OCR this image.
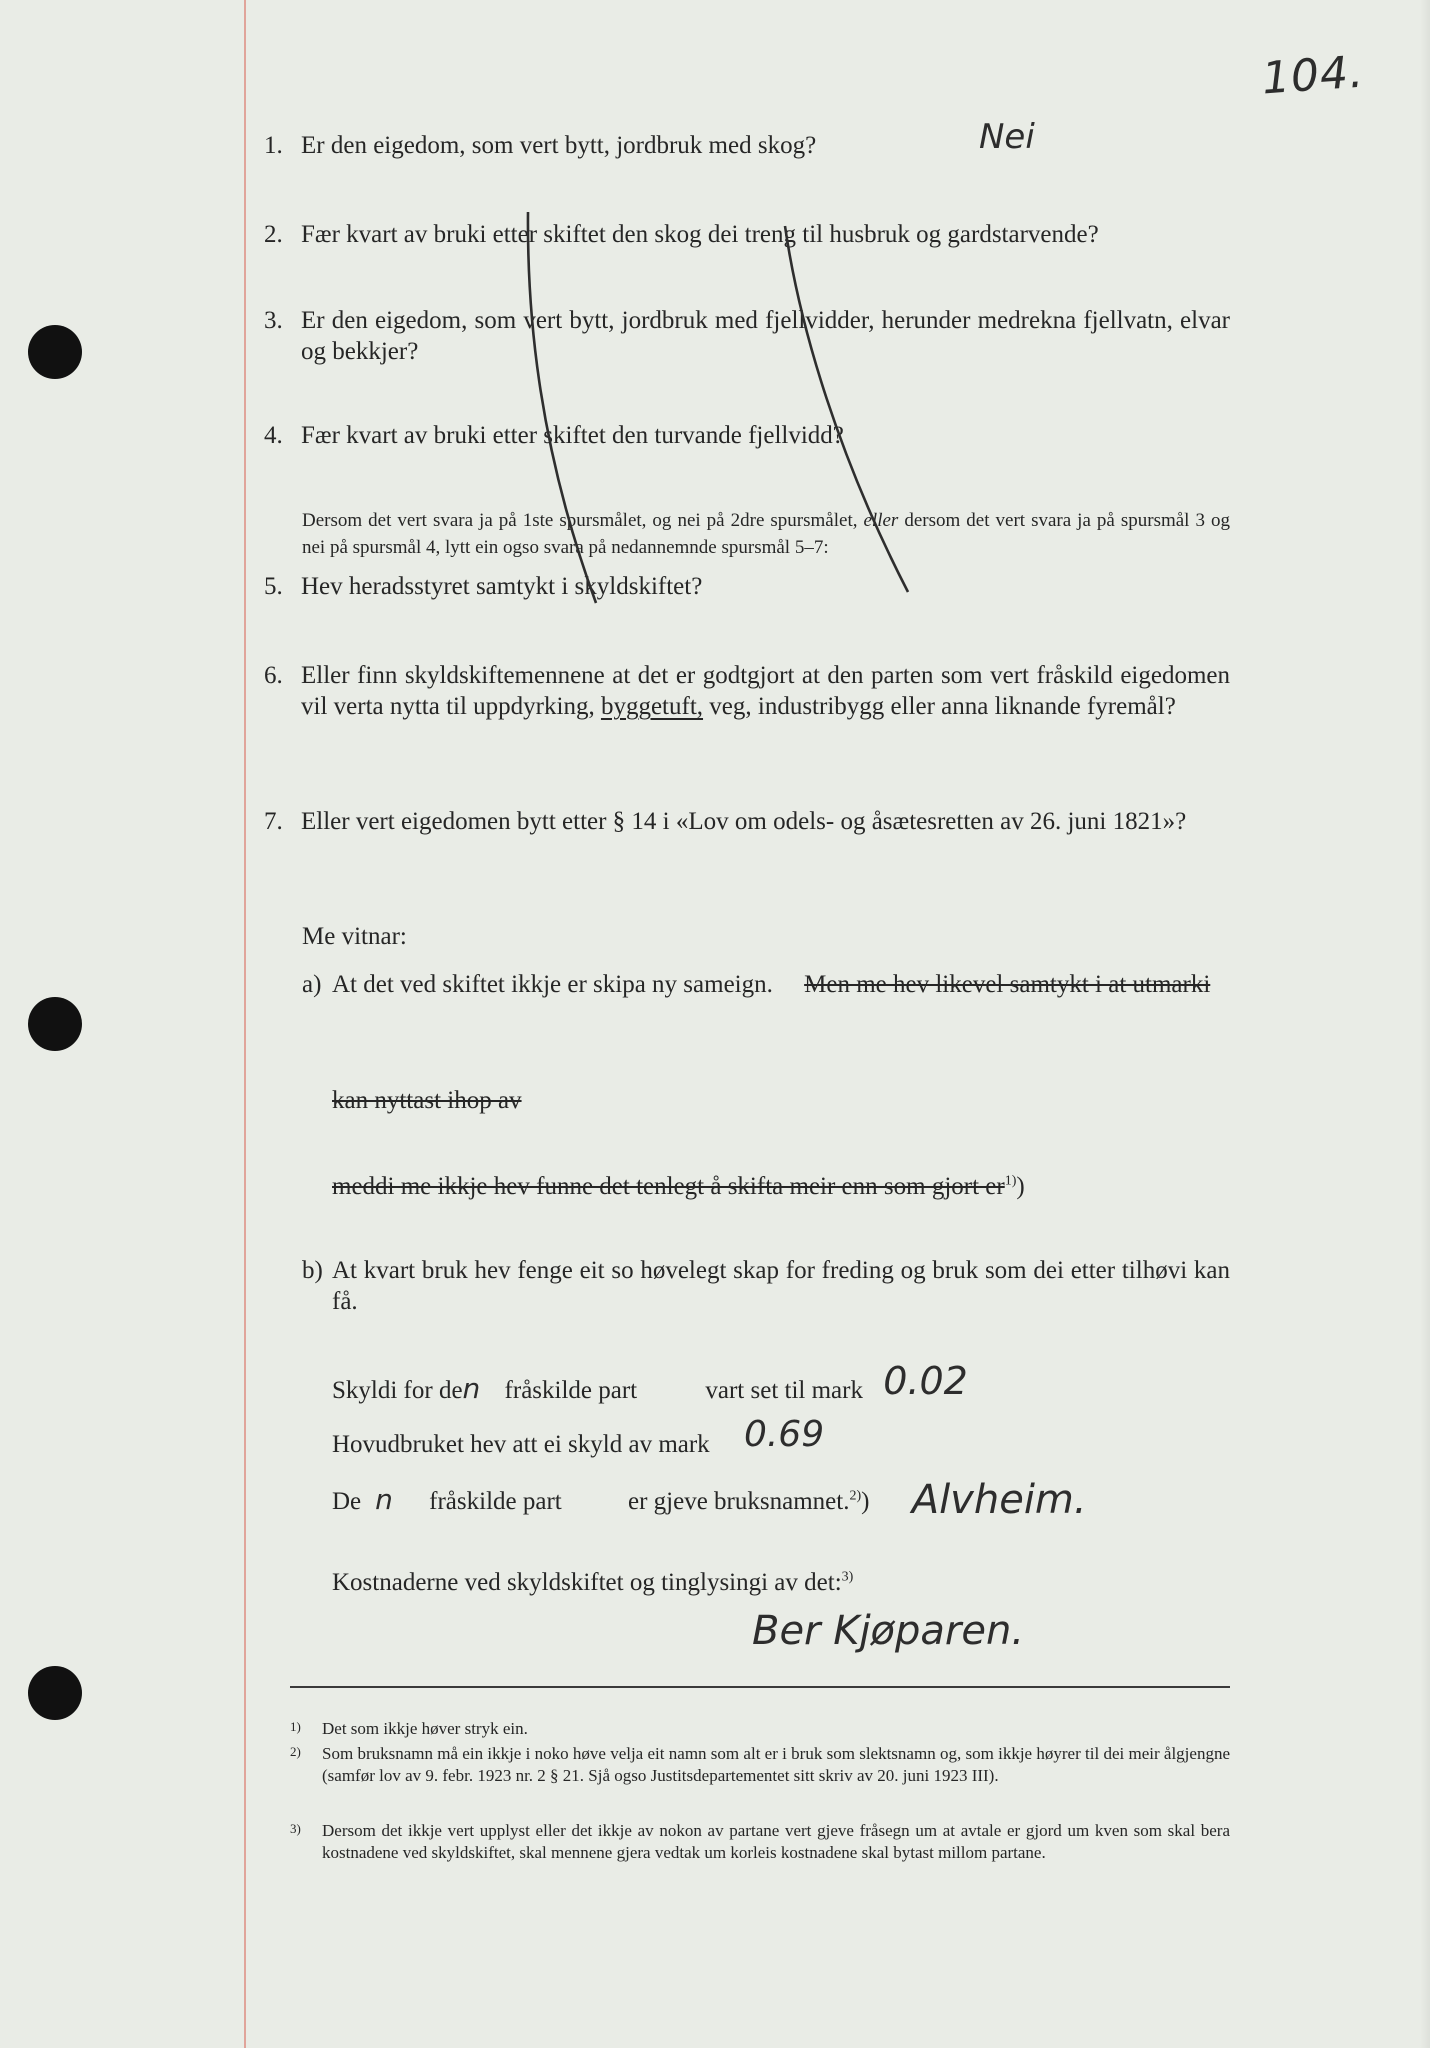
104.
1. Er den eigedom, som vert bytt, jordbruk med skog?	Nei
2. Fær kvart av bruki etter skiftet den skog dei treng til husbruk og gardstarvende?
3. Er den eigedom, som vert bytt, jordbruk med fjellvidder, herunder medrekna fjellvatn, elvar og bekkjer?
4. Fær kvart av bruki etter skiftet den turvande fjellvidd?
Dersom det vert svara ja på 1ste spursmålet, og nei på 2dre spursmålet, eller dersom det vert svara ja på spursmål 3 og nei på spursmål 4, lytt ein ogso svara på nedannemnde spursmål 5–7:
5. Hev heradsstyret samtykt i skyldskiftet?
6. Eller finn skyldskiftemennene at det er godtgjort at den parten som vert fråskild eigedomen vil verta nytta til uppdyrking, byggetuft, veg, industribygg eller anna liknande fyremål?
7. Eller vert eigedomen bytt etter § 14 i «Lov om odels- og åsætesretten av 26. juni 1821»?
Me vitnar:
a) At det ved skiftet ikkje er skipa ny sameign. Men me hev likevel samtykt i at utmarki
kan nyttast ihop av
meddi me ikkje hev funne det tenlegt å skifta meir enn som gjort $er^{1)}$)
b) At kvart bruk hev fenge eit so høvelegt skap for freding og bruk som dei etter tilhøvi kan få.
Skyldi for den fråskilde part	vart set til mark 0.02
Hovudbruket hev att ei skyld av mark 0.69
De n fråskilde part	er gjeve bruksnamnet.$^{2)}$) Alvheim.
Kostnaderne ved skyldskiftet og tinglysingi av det:$^{3)}$
Ber Kjøparen.
1) Det som ikkje høver stryk ein.
2) Som bruksnamn må ein ikkje i noko høve velja eit namn som alt er i bruk som slektsnamn og, som ikkje høyrer til dei meir ålgjengne (samfør lov av 9. febr. 1923 nr. 2 § 21. Sjå ogso Justitsdepartementet sitt skriv av 20. juni 1923 III).
3) Dersom det ikkje vert upplyst eller det ikkje av nokon av partane vert gjeve fråsegn um at avtale er gjord um kven som skal bera kostnadene ved skyldskiftet, skal mennene gjera vedtak um korleis kostnadene skal bytast millom partane.
